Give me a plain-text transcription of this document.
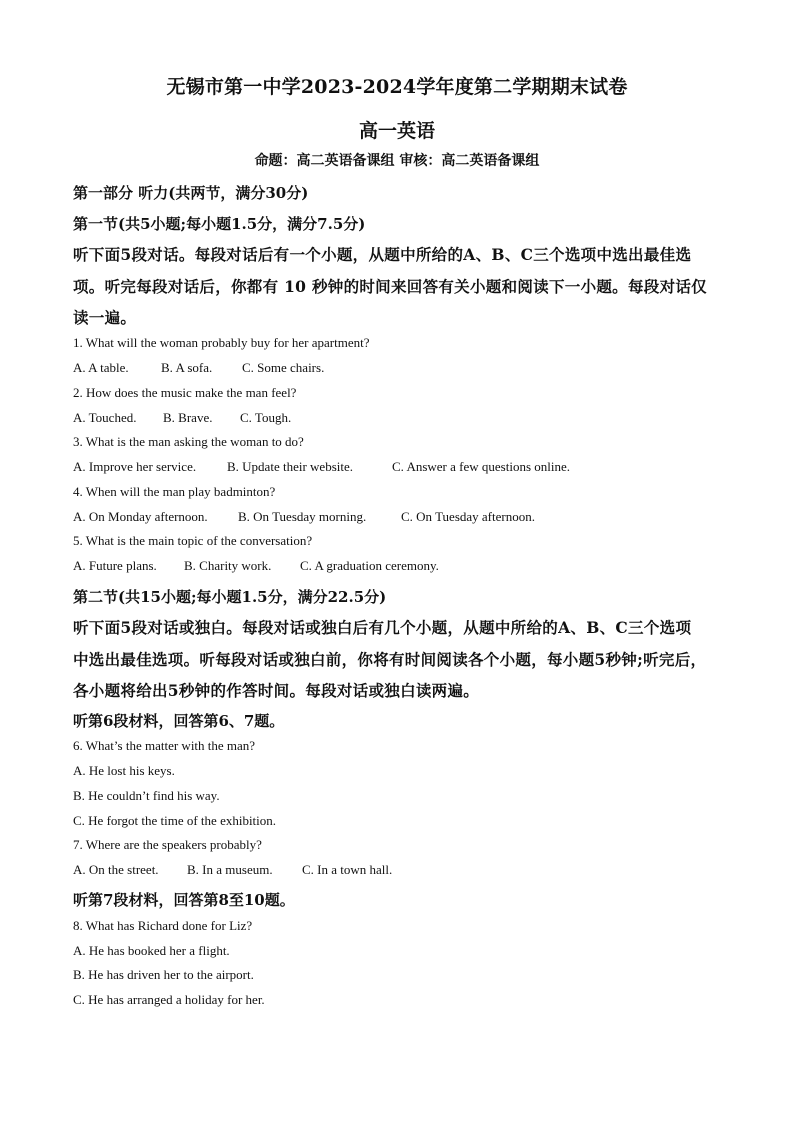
无锡市第一中学2023-2024学年度第二学期期末试卷
高一英语
命题：高二英语备课组 审核：高二英语备课组
第一部分 听力(共两节，满分30分)
第一节(共5小题;每小题1.5分，满分7.5分)
听下面5段对话。每段对话后有一个小题，从题中所给的A、B、C三个选项中选出最佳选
项。听完每段对话后，你都有 10 秒钟的时间来回答有关小题和阅读下一小题。每段对话仅
读一遍。
1. What will the woman probably buy for her apartment?
A. A table. B. A sofa. C. Some chairs.
2. How does the music make the man feel?
A. Touched. B. Brave. C. Tough.
3. What is the man asking the woman to do?
A. Improve her service. B. Update their website.	C. Answer a few questions online.
4. When will the man play badminton?
A. On Monday afternoon. B. On Tuesday morning.	C. On Tuesday afternoon.
5. What is the main topic of the conversation?
A. Future plans. B. Charity work. C. A graduation ceremony.
第二节(共15小题;每小题1.5分，满分22.5分)
听下面5段对话或独白。每段对话或独白后有几个小题，从题中所给的A、B、C三个选项
中选出最佳选项。听每段对话或独白前，你将有时间阅读各个小题，每小题5秒钟;听完后，
各小题将给出5秒钟的作答时间。每段对话或独白读两遍。
听第6段材料，回答第6、7题。
6. What’s the matter with the man?
A. He lost his keys.
B. He couldn’t find his way.
C. He forgot the time of the exhibition.
7. Where are the speakers probably?
A. On the street. B. In a museum. C. In a town hall.
听第7段材料，回答第8至10题。
8. What has Richard done for Liz?
A. He has booked her a flight.
B. He has driven her to the airport.
C. He has arranged a holiday for her.
